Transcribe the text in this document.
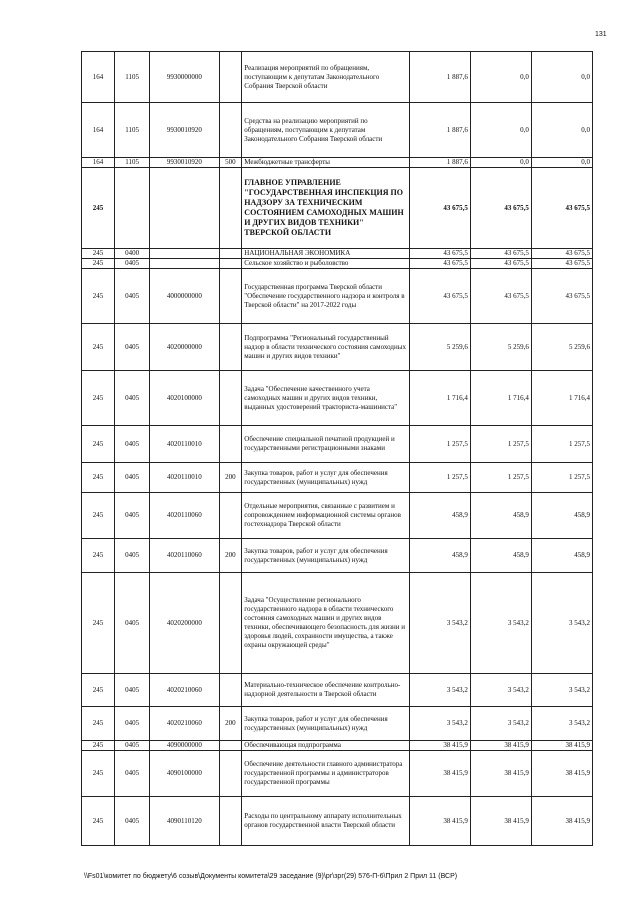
131
164	1105	9930000000		Реализация мероприятий по обращениям, поступающим к депутатам Законодательного Собрания Тверской области	1 887,6	0,0	0,0
164	1105	9930010920		Средства на реализацию мероприятий по обращениям, поступающим к депутатам Законодательного Собрания Тверской области	1 887,6	0,0	0,0
164	1105	9930010920	500	Межбюджетные трансферты	1 887,6	0,0	0,0
245				ГЛАВНОЕ УПРАВЛЕНИЕ "ГОСУДАРСТВЕННАЯ ИНСПЕКЦИЯ ПО НАДЗОРУ ЗА ТЕХНИЧЕСКИМ СОСТОЯНИЕМ САМОХОДНЫХ МАШИН И ДРУГИХ ВИДОВ ТЕХНИКИ" ТВЕРСКОЙ ОБЛАСТИ	43 675,5	43 675,5	43 675,5
245	0400			НАЦИОНАЛЬНАЯ ЭКОНОМИКА	43 675,5	43 675,5	43 675,5
245	0405			Сельское хозяйство и рыболовство	43 675,5	43 675,5	43 675,5
245	0405	4000000000		Государственная программа Тверской области "Обеспечение государственного надзора и контроля в Тверской области" на 2017-2022 годы	43 675,5	43 675,5	43 675,5
245	0405	4020000000		Подпрограмма "Региональный государственный надзор в области технического состояния самоходных машин и других видов техники"	5 259,6	5 259,6	5 259,6
245	0405	4020100000		Задача "Обеспечение качественного учета самоходных машин и других видов техники, выданных удостоверений тракториста-машиниста"	1 716,4	1 716,4	1 716,4
245	0405	4020110010		Обеспечение специальной печатной продукцией и государственными регистрационными знаками	1 257,5	1 257,5	1 257,5
245	0405	4020110010	200	Закупка товаров, работ и услуг для обеспечения государственных (муниципальных) нужд	1 257,5	1 257,5	1 257,5
245	0405	4020110060		Отдельные мероприятия, связанные с развитием и сопровождением информационной системы органов гостехнадзора Тверской области	458,9	458,9	458,9
245	0405	4020110060	200	Закупка товаров, работ и услуг для обеспечения государственных (муниципальных) нужд	458,9	458,9	458,9
245	0405	4020200000		Задача "Осуществление регионального государственного надзора в области технического состояния самоходных машин и других видов техники, обеспечивающего безопасность для жизни и здоровья людей, сохранности имущества, а также охраны окружающей среды"	3 543,2	3 543,2	3 543,2
245	0405	4020210060		Материально-техническое обеспечение контрольно-надзорной деятельности в Тверской области	3 543,2	3 543,2	3 543,2
245	0405	4020210060	200	Закупка товаров, работ и услуг для обеспечения государственных (муниципальных) нужд	3 543,2	3 543,2	3 543,2
245	0405	4090000000		Обеспечивающая подпрограмма	38 415,9	38 415,9	38 415,9
245	0405	4090100000		Обеспечение деятельности главного администратора государственной программы и администраторов государственной программы	38 415,9	38 415,9	38 415,9
245	0405	4090110120		Расходы по центральному аппарату исполнительных органов государственной власти Тверской области	38 415,9	38 415,9	38 415,9
\\Fs01\комитет по бюджету\6 созыв\Документы комитета\29 заседание (9)\рг\зрг(29) 576-П-6\Прил 2 Прил 11 (ВСР)
